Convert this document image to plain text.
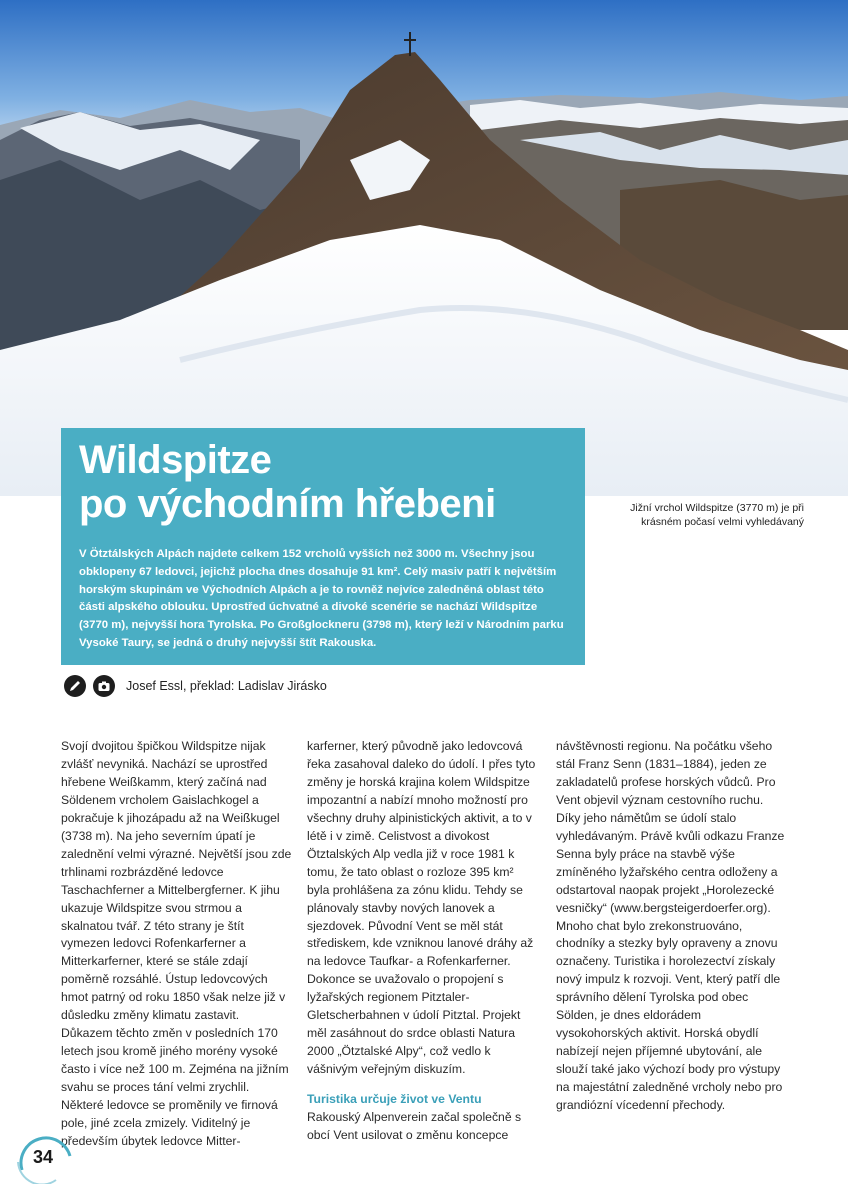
Wildspitze
po východním hřebeni
V Ötztálských Alpách najdete celkem 152 vrcholů vyšších než 3000 m. Všechny jsou obklopeny 67 ledovci, jejichž plocha dnes dosahuje 91 km². Celý masiv patří k největším horským skupinám ve Východních Alpách a je to rovněž nejvíce zaledněná oblast této části alpského oblouku. Uprostřed úchvatné a divoké scenérie se nachází Wildspitze (3770 m), nejvyšší hora Tyrolska. Po Großglockneru (3798 m), který leží v Národním parku Vysoké Taury, se jedná o druhý nejvyšší štít Rakouska.
Jižní vrchol Wildspitze (3770 m) je při krásném počasí velmi vyhledávaný
Josef Essl, překlad: Ladislav Jirásko

Svojí dvojitou špičkou Wildspitze nijak zvlášť nevyniká. Nachází se uprostřed hřebene Weißkamm, který začíná nad Söldenem vrcholem Gaislachkogel a pokračuje k jihozápadu až na Weißkugel (3738 m). Na jeho severním úpatí je zalednění velmi výrazné. Největší jsou zde trhlinami rozbrázděné ledovce Taschachferner a Mittelbergferner. K jihu ukazuje Wildspitze svou strmou a skalnatou tvář. Z této strany je štít vymezen ledovci Rofenkarferner a Mitterkarferner, které se stále zdají poměrně rozsáhlé. Ústup ledovcových hmot patrný od roku 1850 však nelze již v důsledku změny klimatu zastavit. Důkazem těchto změn v posledních 170 letech jsou kromě jiného morény vysoké často i více než 100 m. Zejména na jižním svahu se proces tání velmi zrychlil. Některé ledovce se proměnily ve firnová pole, jiné zcela zmizely. Viditelný je především úbytek ledovce Mitter-

karferner, který původně jako ledovcová řeka zasahoval daleko do údolí. I přes tyto změny je horská krajina kolem Wildspitze impozantní a nabízí mnoho možností pro všechny druhy alpinistických aktivit, a to v létě i v zimě. Celistvost a divokost Ötztalských Alp vedla již v roce 1981 k tomu, že tato oblast o rozloze 395 km² byla prohlášena za zónu klidu. Tehdy se plánovaly stavby nových lanovek a sjezdovek. Původní Vent se měl stát střediskem, kde vzniknou lanové dráhy až na ledovce Taufkar- a Rofenkarferner. Dokonce se uvažovalo o propojení s lyžařských regionem Pitztaler-Gletscherbahnen v údolí Pitztal. Projekt měl zasáhnout do srdce oblasti Natura 2000 „Ötztalské Alpy“, což vedlo k vášnivým veřejným diskuzím.

Turistika určuje život ve Ventu

Rakouský Alpenverein začal společně s obcí Vent usilovat o změnu koncepce

návštěvnosti regionu. Na počátku všeho stál Franz Senn (1831–1884), jeden ze zakladatelů profese horských vůdců. Pro Vent objevil význam cestovního ruchu. Díky jeho námětům se údolí stalo vyhledávaným. Právě kvůli odkazu Franze Senna byly práce na stavbě výše zmíněného lyžařského centra odloženy a odstartoval naopak projekt „Horolezecké vesničky“ (www.bergsteigerdoerfer.org). Mnoho chat bylo zrekonstruováno, chodníky a stezky byly opraveny a znovu označeny. Turistika i horolezectví získaly nový impulz k rozvoji. Vent, který patří dle správního dělení Tyrolska pod obec Sölden, je dnes eldorádem vysokohorských aktivit. Horská obydlí nabízejí nejen příjemné ubytování, ale slouží také jako výchozí body pro výstupy na majestátní zaledněné vrcholy nebo pro grandiózní vícedenní přechody.

34
